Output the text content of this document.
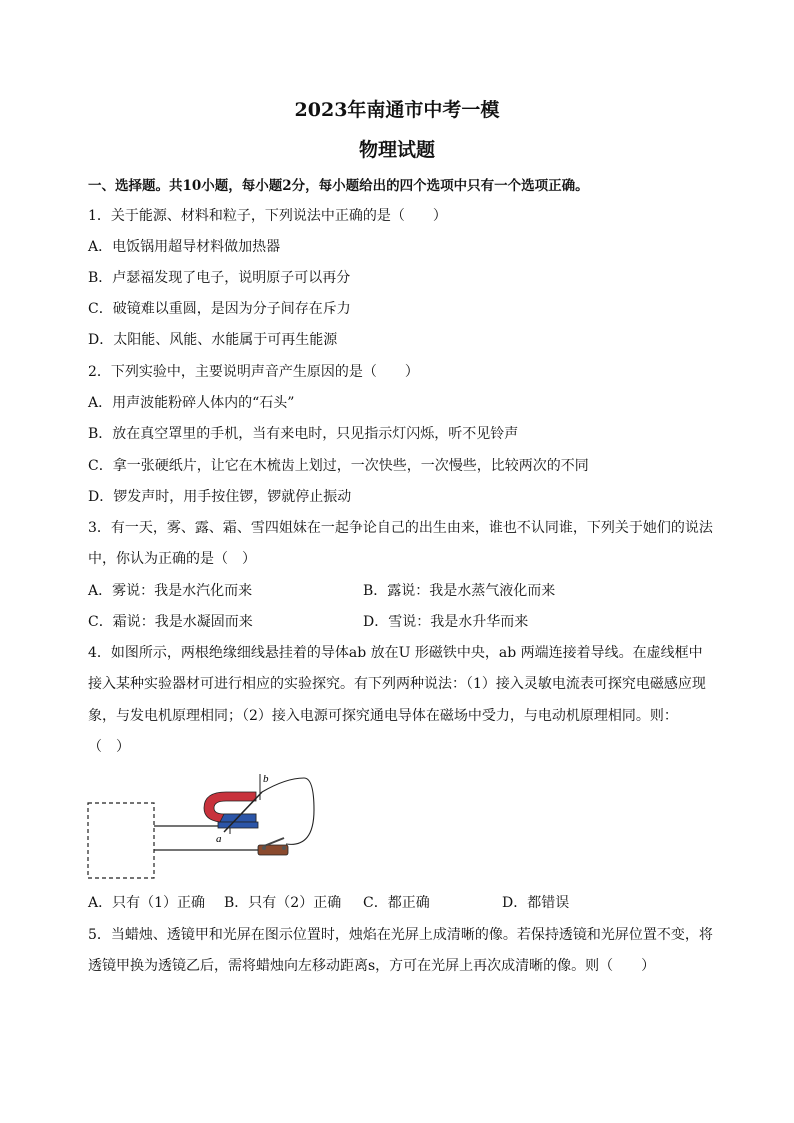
2023年南通市中考一模
物理试题
一、选择题。共10小题，每小题2分，每小题给出的四个选项中只有一个选项正确。
1．关于能源、材料和粒子，下列说法中正确的是（　　）
A．电饭锅用超导材料做加热器
B．卢瑟福发现了电子，说明原子可以再分
C．破镜难以重圆，是因为分子间存在斥力
D．太阳能、风能、水能属于可再生能源
2．下列实验中，主要说明声音产生原因的是（　　）
A．用声波能粉碎人体内的“石头”
B．放在真空罩里的手机，当有来电时，只见指示灯闪烁，听不见铃声
C．拿一张硬纸片，让它在木梳齿上划过，一次快些，一次慢些，比较两次的不同
D．锣发声时，用手按住锣，锣就停止振动
3．有一天，雾、露、霜、雪四姐妹在一起争论自己的出生由来，谁也不认同谁，下列关于她们的说法
中，你认为正确的是（　）
A．雾说：我是水汽化而来	B．露说：我是水蒸气液化而来
C．霜说：我是水凝固而来	D．雪说：我是水升华而来
4．如图所示，两根绝缘细线悬挂着的导体ab 放在U 形磁铁中央，ab 两端连接着导线。在虚线框中
接入某种实验器材可进行相应的实验探究。有下列两种说法：（1）接入灵敏电流表可探究电磁感应现
象，与发电机原理相同；（2）接入电源可探究通电导体在磁场中受力，与电动机原理相同。则：
（　）
b
a
A．只有（1）正确 B．只有（2）正确 C．都正确	D．都错误
5．当蜡烛、透镜甲和光屏在图示位置时，烛焰在光屏上成清晰的像。若保持透镜和光屏位置不变，将
透镜甲换为透镜乙后，需将蜡烛向左移动距离s，方可在光屏上再次成清晰的像。则（　　）
